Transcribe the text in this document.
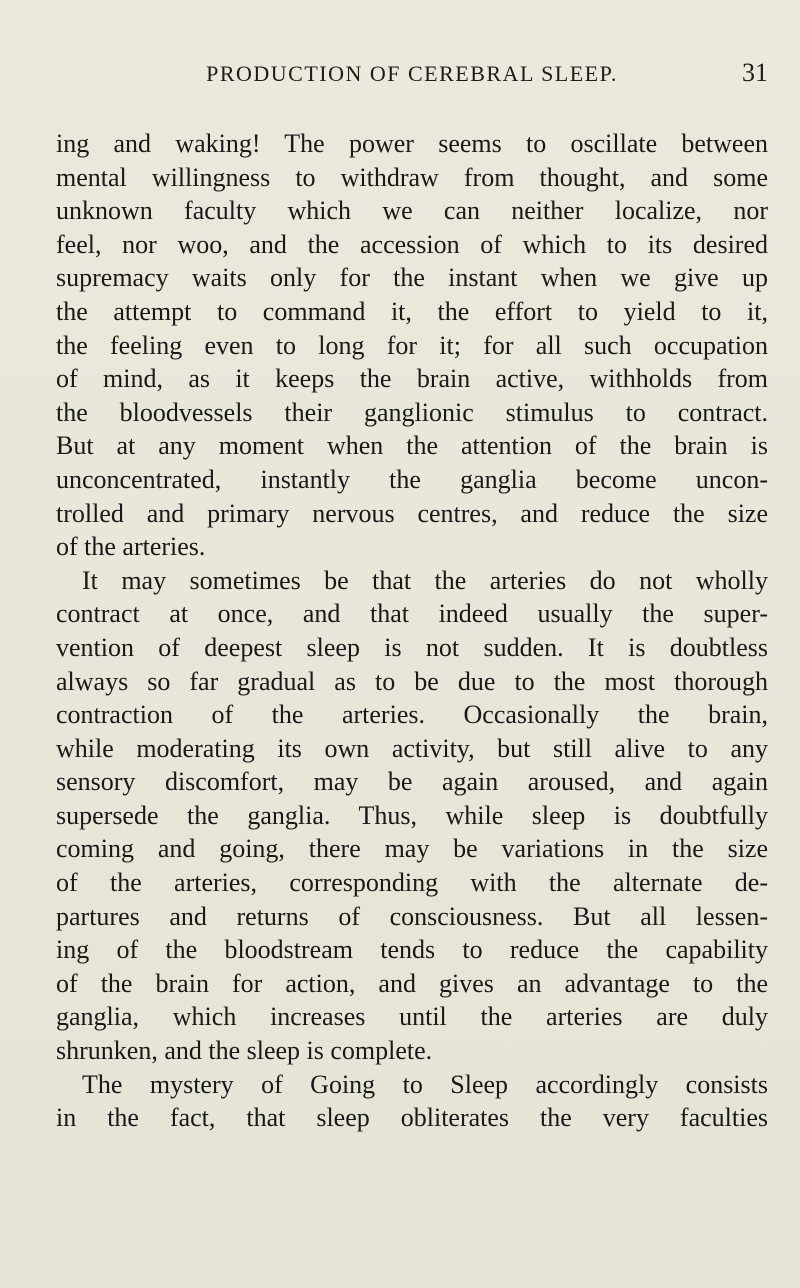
PRODUCTION OF CEREBRAL SLEEP.	31
ing and waking! The power seems to oscillate between
mental willingness to withdraw from thought, and some
unknown faculty which we can neither localize, nor
feel, nor woo, and the accession of which to its desired
supremacy waits only for the instant when we give up
the attempt to command it, the effort to yield to it,
the feeling even to long for it; for all such occupation
of mind, as it keeps the brain active, withholds from
the bloodvessels their ganglionic stimulus to contract.
But at any moment when the attention of the brain is
unconcentrated, instantly the ganglia become uncon-
trolled and primary nervous centres, and reduce the size
of the arteries.
It may sometimes be that the arteries do not wholly
contract at once, and that indeed usually the super-
vention of deepest sleep is not sudden. It is doubtless
always so far gradual as to be due to the most thorough
contraction of the arteries. Occasionally the brain,
while moderating its own activity, but still alive to any
sensory discomfort, may be again aroused, and again
supersede the ganglia. Thus, while sleep is doubtfully
coming and going, there may be variations in the size
of the arteries, corresponding with the alternate de-
partures and returns of consciousness. But all lessen-
ing of the bloodstream tends to reduce the capability
of the brain for action, and gives an advantage to the
ganglia, which increases until the arteries are duly
shrunken, and the sleep is complete.
The mystery of Going to Sleep accordingly consists
in the fact, that sleep obliterates the very faculties
